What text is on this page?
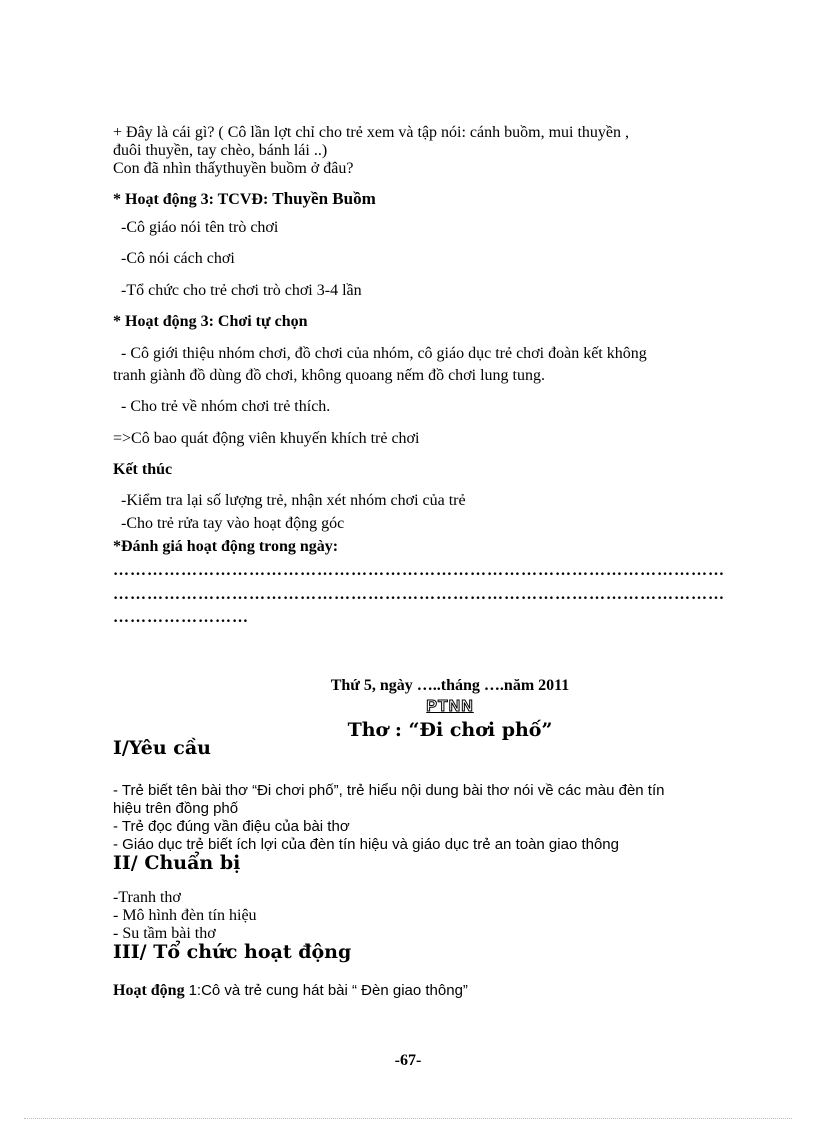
+ Đây là cái gì? ( Cô lần lợt chỉ cho trẻ xem và tập nói: cánh buồm, mui thuyền ,
đuôi thuyền, tay chèo, bánh lái ..)
Con đã nhìn thấythuyền buồm ở đâu?
* Hoạt động 3: TCVĐ: Thuyền Buồm
-Cô giáo nói tên trò chơi
-Cô nói cách chơi
-Tổ chức cho trẻ chơi trò chơi 3-4 lần
* Hoạt động 3: Chơi tự chọn
- Cô giới thiệu nhóm chơi, đồ chơi của nhóm, cô giáo dục trẻ chơi đoàn kết không
tranh giành đồ dùng đồ chơi, không quoang nếm đồ chơi lung tung.
- Cho trẻ về nhóm chơi trẻ thích.
=>Cô bao quát động viên khuyến khích trẻ chơi
Kết thúc
-Kiểm tra lại số lượng trẻ, nhận xét nhóm chơi của trẻ
-Cho trẻ rửa tay vào hoạt động góc
*Đánh giá hoạt động trong ngày:
………………………………………………………………………………………………
………………………………………………………………………………………………
……………………
Thứ 5, ngày …..tháng ….năm 2011
PTNN
Thơ : “Đi chơi phố”
I/Yêu cầu
- Trẻ biết tên bài thơ “Đi chơi phố”, trẻ hiểu nội dung bài thơ nói về các màu đèn tín
hiệu trên đồng phố
- Trẻ đọc đúng vần điệu của bài thơ
- Giáo dục trẻ biết ích lợi của đèn tín hiệu và giáo dục trẻ an toàn giao thông
II/ Chuẩn bị
-Tranh thơ
- Mô hình đèn tín hiệu
- Su tầm bài thơ
III/ Tổ chức hoạt động
Hoạt động 1:Cô và trẻ cung hát bài “ Đèn giao thông”
-67-
